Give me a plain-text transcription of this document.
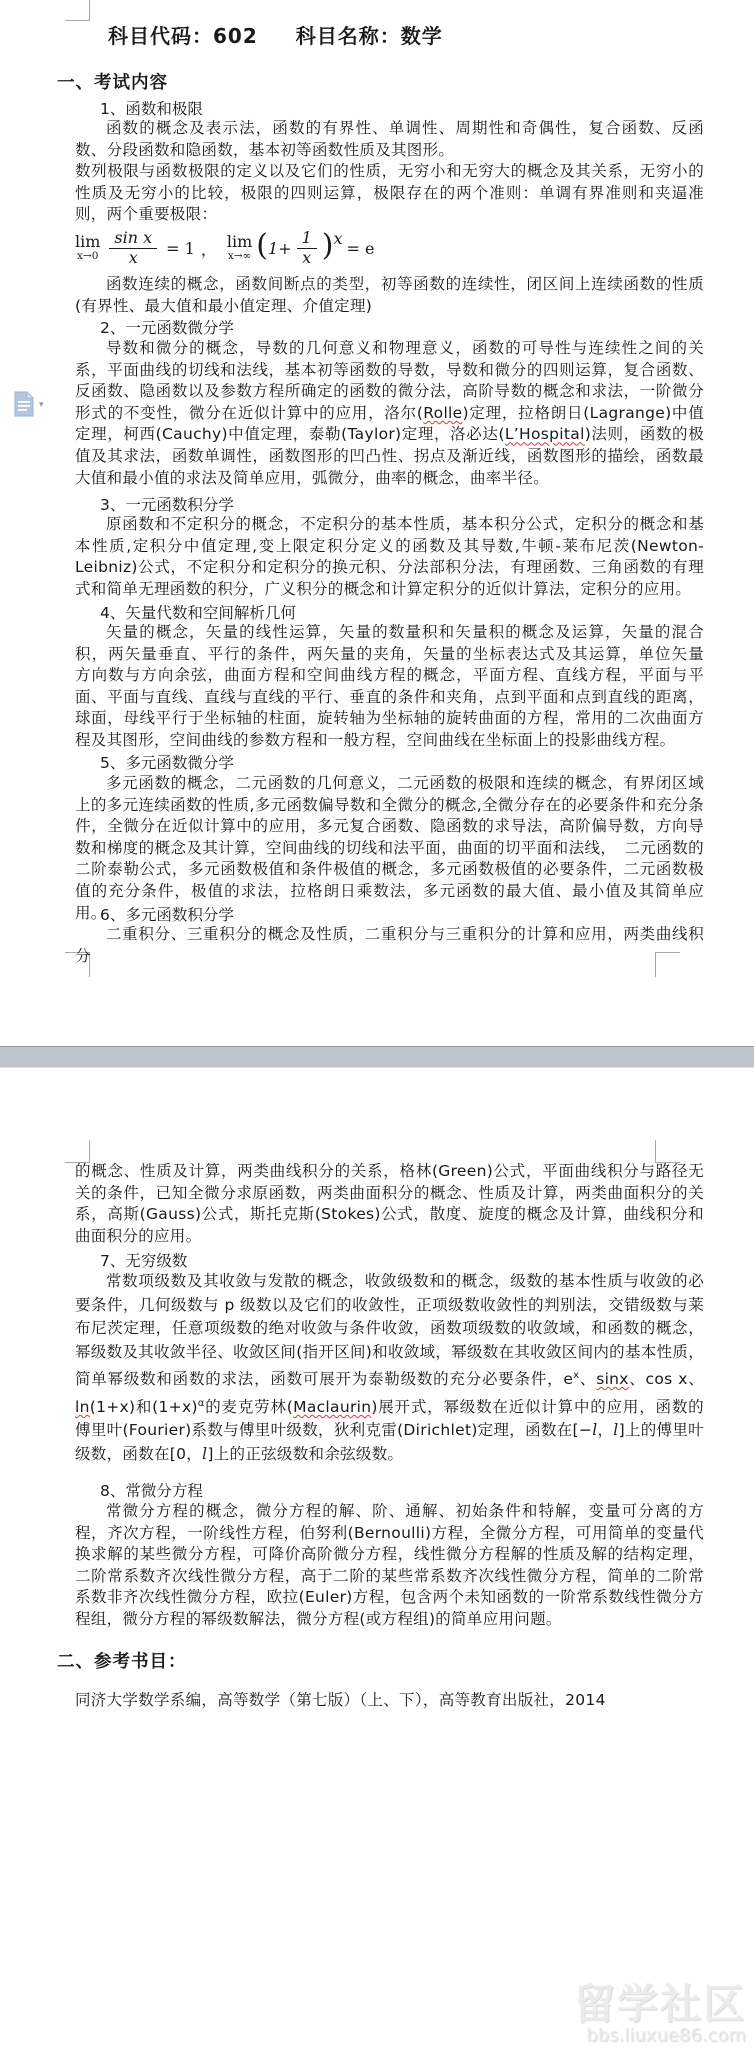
科目代码：602 科目名称：数学

一、考试内容

1、函数和极限

函数的概念及表示法，函数的有界性、单调性、周期性和奇偶性，复合函数、反函数、分段函数和隐函数，基本初等函数性质及其图形。

数列极限与函数极限的定义以及它们的性质，无穷小和无穷大的概念及其关系，无穷小的性质及无穷小的比较，极限的四则运算，极限存在的两个准则：单调有界准则和夹逼准则，两个重要极限：

lim
$x\to 0 \frac{\text{sin x}}{x} = 1$ ， lim
x→∞ ( $1+ \frac{1}{x}$ ) x
= e

函数连续的概念，函数间断点的类型，初等函数的连续性，闭区间上连续函数的性质(有界性、最大值和最小值定理、介值定理)

2、一元函数微分学

导数和微分的概念，导数的几何意义和物理意义，函数的可导性与连续性之间的关系，平面曲线的切线和法线，基本初等函数的导数，导数和微分的四则运算，复合函数、反函数、隐函数以及参数方程所确定的函数的微分法，高阶导数的概念和求法，一阶微分形式的不变性，微分在近似计算中的应用，洛尔(Rolle)定理，拉格朗日(Lagrange)中值定理，柯西(Cauchy)中值定理，泰勒(Taylor)定理，洛必达(L’Hospital)法则，函数的极值及其求法，函数单调性，函数图形的凹凸性、拐点及渐近线，函数图形的描绘，函数最大值和最小值的求法及简单应用，弧微分，曲率的概念，曲率半径。

3、一元函数积分学

原函数和不定积分的概念，不定积分的基本性质，基本积分公式，定积分的概念和基本性质,定积分中值定理,变上限定积分定义的函数及其导数,牛顿-莱布尼茨(Newton-Leibniz)公式，不定积分和定积分的换元积、分法部积分法，有理函数、三角函数的有理式和简单无理函数的积分，广义积分的概念和计算定积分的近似计算法，定积分的应用。

4、矢量代数和空间解析几何

矢量的概念，矢量的线性运算，矢量的数量积和矢量积的概念及运算，矢量的混合积，两矢量垂直、平行的条件，两矢量的夹角，矢量的坐标表达式及其运算，单位矢量　方向数与方向余弦，曲面方程和空间曲线方程的概念，平面方程、直线方程，平面与平面、平面与直线、直线与直线的平行、垂直的条件和夹角，点到平面和点到直线的距离，球面，母线平行于坐标轴的柱面，旋转轴为坐标轴的旋转曲面的方程，常用的二次曲面方程及其图形，空间曲线的参数方程和一般方程，空间曲线在坐标面上的投影曲线方程。

5、多元函数微分学

多元函数的概念，二元函数的几何意义，二元函数的极限和连续的概念，有界闭区域上的多元连续函数的性质,多元函数偏导数和全微分的概念,全微分存在的必要条件和充分条件，全微分在近似计算中的应用，多元复合函数、隐函数的求导法，高阶偏导数，方向导数和梯度的概念及其计算，空间曲线的切线和法平面，曲面的切平面和法线，　二元函数的二阶泰勒公式，多元函数极值和条件极值的概念，多元函数极值的必要条件，二元函数极值的充分条件，极值的求法，拉格朗日乘数法，多元函数的最大值、最小值及其简单应用。

6、多元函数积分学

二重积分、三重积分的概念及性质，二重积分与三重积分的计算和应用，两类曲线积分

▾

的概念、性质及计算，两类曲线积分的关系，格林(Green)公式，平面曲线积分与路径无关的条件，已知全微分求原函数，两类曲面积分的概念、性质及计算，两类曲面积分的关系，高斯(Gauss)公式，斯托克斯(Stokes)公式，散度、旋度的概念及计算，曲线积分和曲面积分的应用。

7、无穷级数

常数项级数及其收敛与发散的概念，收敛级数和的概念，级数的基本性质与收敛的必要条件，几何级数与 p 级数以及它们的收敛性，正项级数收敛性的判别法，交错级数与莱布尼茨定理，任意项级数的绝对收敛与条件收敛，函数项级数的收敛域，和函数的概念，幂级数及其收敛半径、收敛区间(指开区间)和收敛域，幂级数在其收敛区间内的基本性质，简单幂级数和函数的求法，函数可展开为泰勒级数的充分必要条件，$e^x$、sinx、cos x、ln(1+x)和$(1+x)^\alpha$的麦克劳林(Maclaurin)展开式，幂级数在近似计算中的应用，函数的傅里叶(Fourier)系数与傅里叶级数，狄利克雷(Dirichlet)定理，函数在[−l，l]上的傅里叶级数，函数在[0，l]上的正弦级数和余弦级数。

8、常微分方程

常微分方程的概念，微分方程的解、阶、通解、初始条件和特解，变量可分离的方程，齐次方程，一阶线性方程，伯努利(Bernoulli)方程，全微分方程，可用简单的变量代换求解的某些微分方程，可降价高阶微分方程，线性微分方程解的性质及解的结构定理，二阶常系数齐次线性微分方程，高于二阶的某些常系数齐次线性微分方程，简单的二阶常系数非齐次线性微分方程，欧拉(Euler)方程，包含两个未知函数的一阶常系数线性微分方程组，微分方程的幂级数解法，微分方程(或方程组)的简单应用问题。

二、参考书目：

同济大学数学系编，高等数学（第七版）（上、下），高等教育出版社，2014

留学社区
bbs.liuxue86.com
